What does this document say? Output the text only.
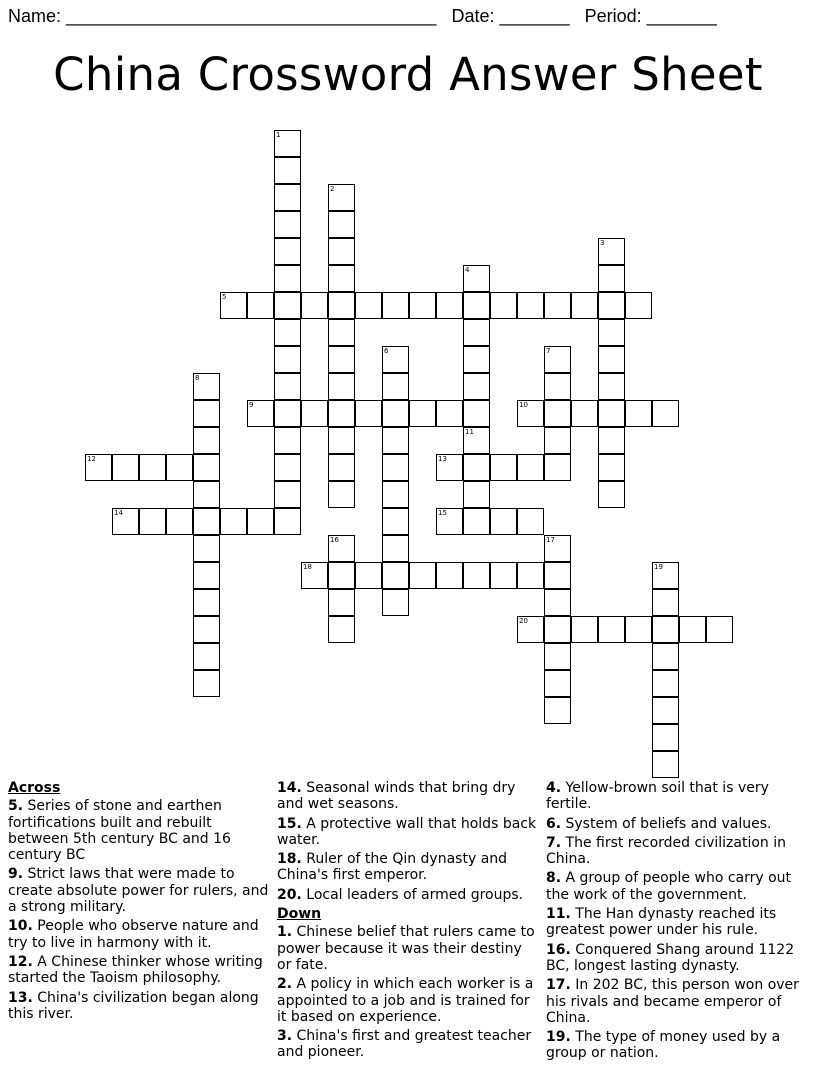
Name: _____________________________________ Date: _______ Period: _______
China Crossword Answer Sheet
1
2
3
4
5
6	7
8
9	10
11
12	13
14	15
16	17
18	19
20
Across
5. Series of stone and earthen fortifications built and rebuilt between 5th century BC and 16 century BC
9. Strict laws that were made to create absolute power for rulers, and a strong military.
10. People who observe nature and try to live in harmony with it.
12. A Chinese thinker whose writing started the Taoism philosophy.
13. China's civilization began along this river.
14. Seasonal winds that bring dry and wet seasons.
15. A protective wall that holds back water.
18. Ruler of the Qin dynasty and China's first emperor.
20. Local leaders of armed groups.
Down
1. Chinese belief that rulers came to power because it was their destiny or fate.
2. A policy in which each worker is a appointed to a job and is trained for it based on experience.
3. China's first and greatest teacher and pioneer.
4. Yellow-brown soil that is very fertile.
6. System of beliefs and values.
7. The first recorded civilization in China.
8. A group of people who carry out the work of the government.
11. The Han dynasty reached its greatest power under his rule.
16. Conquered Shang around 1122 BC, longest lasting dynasty.
17. In 202 BC, this person won over his rivals and became emperor of China.
19. The type of money used by a group or nation.
